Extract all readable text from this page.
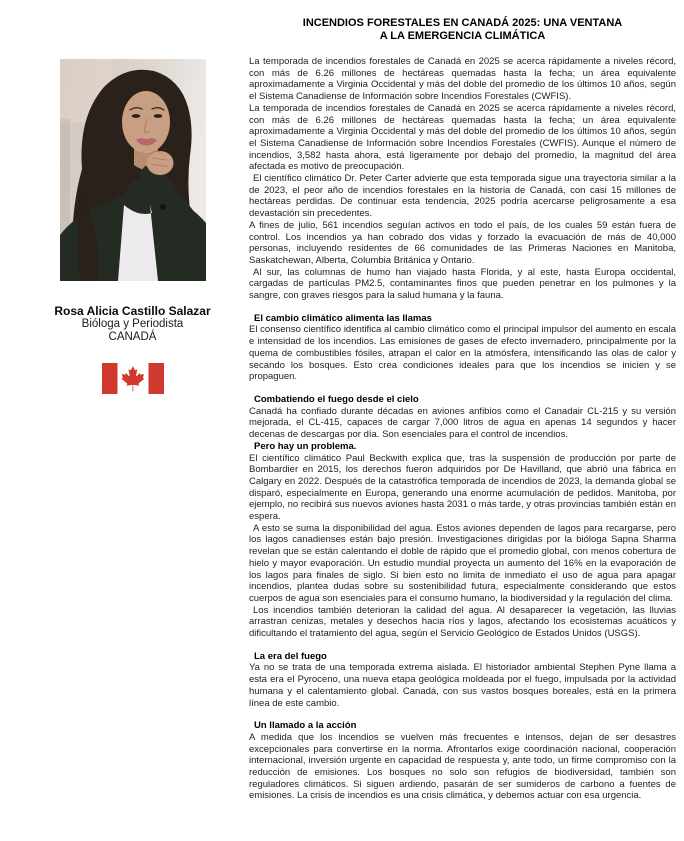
Rosa Alicia Castillo Salazar
Bióloga y Periodista
CANADÁ
INCENDIOS FORESTALES EN CANADÁ 2025: UNA VENTANA
A LA EMERGENCIA CLIMÁTICA

La temporada de incendios forestales de Canadá en 2025 se acerca rápidamente a niveles récord, con más de 6.26 millones de hectáreas quemadas hasta la fecha; un área equivalente aproximadamente a Virginia Occidental y más del doble del promedio de los últimos 10 años, según el Sistema Canadiense de Información sobre Incendios Forestales (CWFIS).

La temporada de incendios forestales de Canadá en 2025 se acerca rápidamente a niveles récord, con más de 6.26 millones de hectáreas quemadas hasta la fecha; un área equivalente aproximadamente a Virginia Occidental y más del doble del promedio de los últimos 10 años, según el Sistema Canadiense de Información sobre Incendios Forestales (CWFIS). Aunque el número de incendios, 3,582 hasta ahora, está ligeramente por debajo del promedio, la magnitud del área afectada es motivo de preocupación.

El científico climático Dr. Peter Carter advierte que esta temporada sigue una trayectoria similar a la de 2023, el peor año de incendios forestales en la historia de Canadá, con casi 15 millones de hectáreas perdidas. De continuar esta tendencia, 2025 podría acercarse peligrosamente a esa devastación sin precedentes.

A fines de julio, 561 incendios seguían activos en todo el país, de los cuales 59 están fuera de control. Los incendios ya han cobrado dos vidas y forzado la evacuación de más de 40,000 personas, incluyendo residentes de 66 comunidades de las Primeras Naciones en Manitoba, Saskatchewan, Alberta, Columbia Británica y Ontario.

Al sur, las columnas de humo han viajado hasta Florida, y al este, hasta Europa occidental, cargadas de partículas PM2.5, contaminantes finos que pueden penetrar en los pulmones y la sangre, con graves riesgos para la salud humana y la fauna.

El cambio climático alimenta las llamas

El consenso científico identifica al cambio climático como el principal impulsor del aumento en escala e intensidad de los incendios. Las emisiones de gases de efecto invernadero, principalmente por la quema de combustibles fósiles, atrapan el calor en la atmósfera, intensificando las olas de calor y secando los bosques. Esto crea condiciones ideales para que los incendios se inicien y se propaguen.

Combatiendo el fuego desde el cielo

Canadá ha confiado durante décadas en aviones anfibios como el Canadair CL-215 y su versión mejorada, el CL-415, capaces de cargar 7,000 litros de agua en apenas 14 segundos y hacer decenas de descargas por día. Son esenciales para el control de incendios.

Pero hay un problema.

El científico climático Paul Beckwith explica que, tras la suspensión de producción por parte de Bombardier en 2015, los derechos fueron adquiridos por De Havilland, que abrió una fábrica en Calgary en 2022. Después de la catastrófica temporada de incendios de 2023, la demanda global se disparó, especialmente en Europa, generando una enorme acumulación de pedidos. Manitoba, por ejemplo, no recibirá sus nuevos aviones hasta 2031 o más tarde, y otras provincias también están en espera.

A esto se suma la disponibilidad del agua. Estos aviones dependen de lagos para recargarse, pero los lagos canadienses están bajo presión. Investigaciones dirigidas por la bióloga Sapna Sharma revelan que se están calentando el doble de rápido que el promedio global, con menos cobertura de hielo y mayor evaporación. Un estudio mundial proyecta un aumento del 16% en la evaporación de los lagos para finales de siglo. Si bien esto no limita de inmediato el uso de agua para apagar incendios, plantea dudas sobre su sostenibilidad futura, especialmente considerando que estos cuerpos de agua son esenciales para el consumo humano, la biodiversidad y la regulación del clima.

Los incendios también deterioran la calidad del agua. Al desaparecer la vegetación, las lluvias arrastran cenizas, metales y desechos hacia ríos y lagos, afectando los ecosistemas acuáticos y dificultando el tratamiento del agua, según el Servicio Geológico de Estados Unidos (USGS).

La era del fuego

Ya no se trata de una temporada extrema aislada. El historiador ambiental Stephen Pyne llama a esta era el Pyroceno, una nueva etapa geológica moldeada por el fuego, impulsada por la actividad humana y el calentamiento global. Canadá, con sus vastos bosques boreales, está en la primera línea de este cambio.

Un llamado a la acción

A medida que los incendios se vuelven más frecuentes e intensos, dejan de ser desastres excepcionales para convertirse en la norma. Afrontarlos exige coordinación nacional, cooperación internacional, inversión urgente en capacidad de respuesta y, ante todo, un firme compromiso con la reducción de emisiones. Los bosques no solo son refugios de biodiversidad, también son reguladores climáticos. Si siguen ardiendo, pasarán de ser sumideros de carbono a fuentes de emisiones. La crisis de incendios es una crisis climática, y debemos actuar con esa urgencia.
